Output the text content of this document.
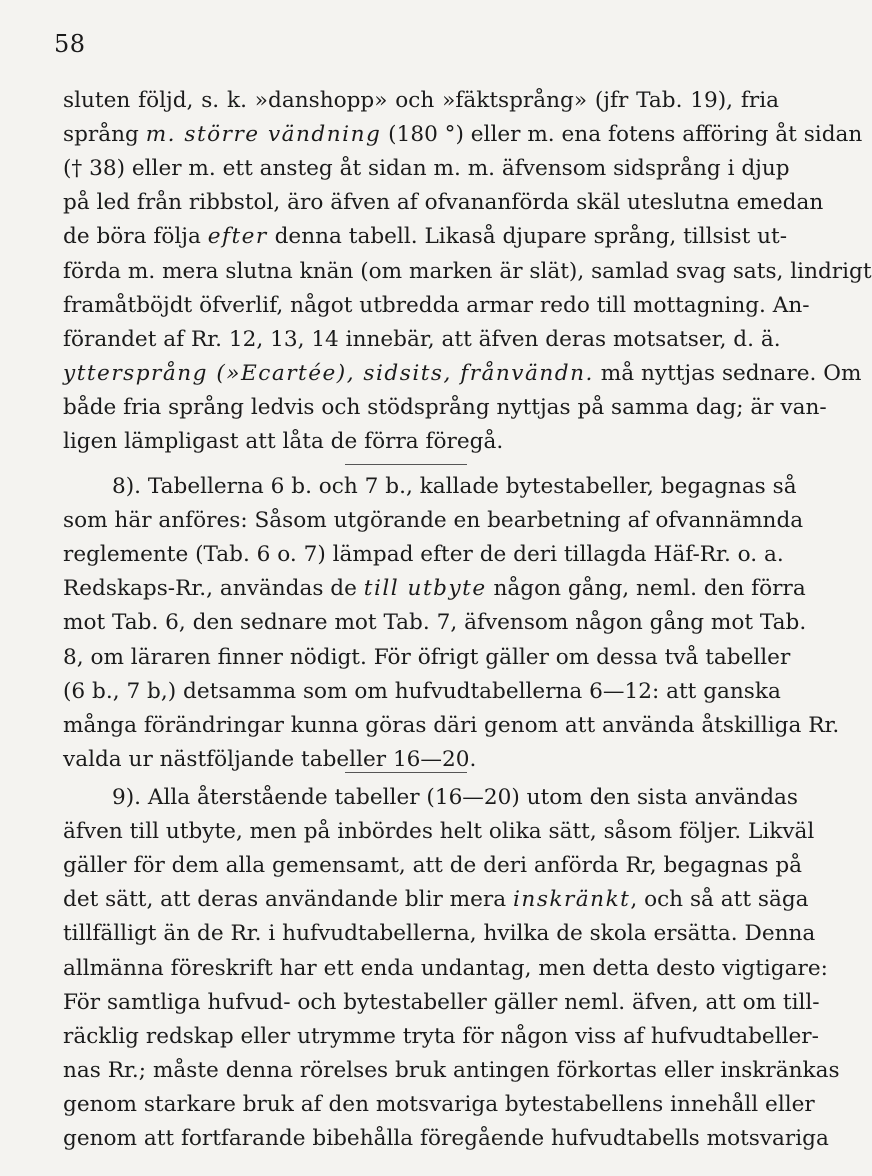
58
sluten följd, s. k. »danshopp» och »fäktsprång» (jfr Tab. 19), fria
språng m. större vändning (180 °) eller m. ena fotens afföring åt sidan
(† 38) eller m. ett ansteg åt sidan m. m. äfvensom sidsprång i djup
på led från ribbstol, äro äfven af ofvananförda skäl uteslutna emedan
de böra följa efter denna tabell. Likaså djupare språng, tillsist ut-
förda m. mera slutna knän (om marken är slät), samlad svag sats, lindrigt
framåtböjdt öfverlif, något utbredda armar redo till mottagning. An-
förandet af Rr. 12, 13, 14 innebär, att äfven deras motsatser, d. ä.
yttersprång (»Ecartée), sidsits, frånvändn. må nyttjas sednare. Om
både fria språng ledvis och stödsprång nyttjas på samma dag; är van-
ligen lämpligast att låta de förra föregå.
8). Tabellerna 6 b. och 7 b., kallade bytestabeller, begagnas så
som här anföres: Såsom utgörande en bearbetning af ofvannämnda
reglemente (Tab. 6 o. 7) lämpad efter de deri tillagda Häf-Rr. o. a.
Redskaps-Rr., användas de till utbyte någon gång, neml. den förra
mot Tab. 6, den sednare mot Tab. 7, äfvensom någon gång mot Tab.
8, om läraren finner nödigt. För öfrigt gäller om dessa två tabeller
(6 b., 7 b,) detsamma som om hufvudtabellerna 6—12: att ganska
många förändringar kunna göras däri genom att använda åtskilliga Rr.
valda ur nästföljande tabeller 16—20.
9). Alla återstående tabeller (16—20) utom den sista användas
äfven till utbyte, men på inbördes helt olika sätt, såsom följer. Likväl
gäller för dem alla gemensamt, att de deri anförda Rr, begagnas på
det sätt, att deras användande blir mera inskränkt, och så att säga
tillfälligt än de Rr. i hufvudtabellerna, hvilka de skola ersätta. Denna
allmänna föreskrift har ett enda undantag, men detta desto vigtigare:
För samtliga hufvud- och bytestabeller gäller neml. äfven, att om till-
räcklig redskap eller utrymme tryta för någon viss af hufvudtabeller-
nas Rr.; måste denna rörelses bruk antingen förkortas eller inskränkas
genom starkare bruk af den motsvariga bytestabellens innehåll eller
genom att fortfarande bibehålla föregående hufvudtabells motsvariga
